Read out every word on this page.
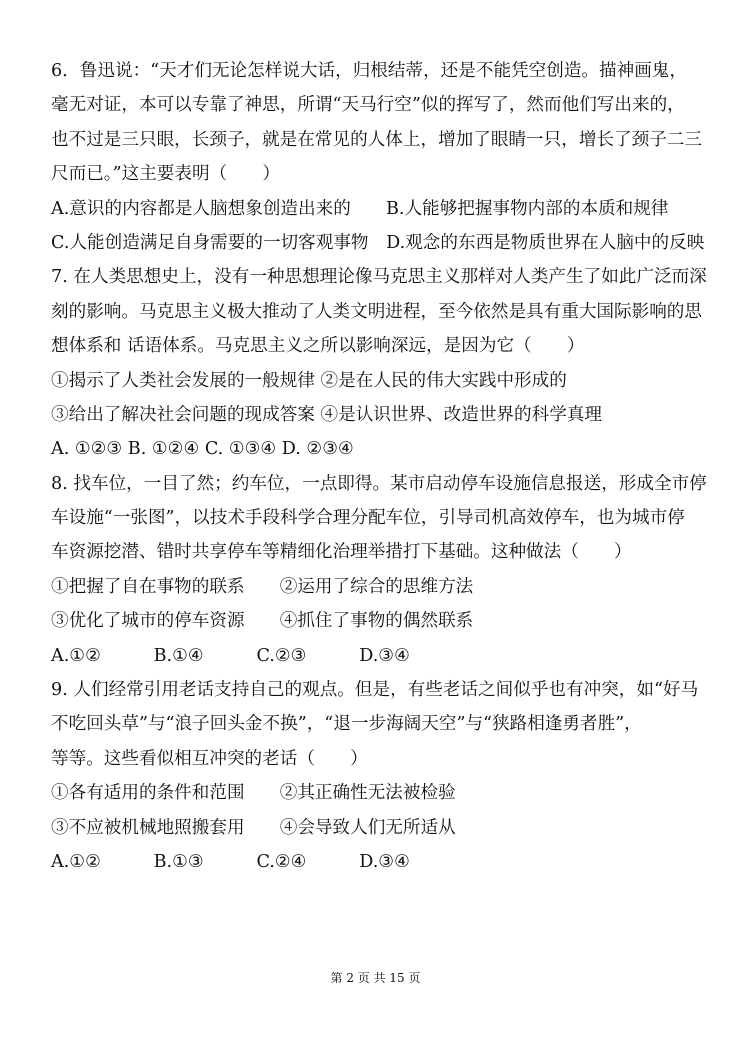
6．鲁迅说：“天才们无论怎样说大话，归根结蒂，还是不能凭空创造。描神画鬼，
毫无对证，本可以专靠了神思，所谓“天马行空”似的挥写了，然而他们写出来的，
也不过是三只眼，长颈子，就是在常见的人体上，增加了眼睛一只，增长了颈子二三
尺而已。”这主要表明（　　）
A.意识的内容都是人脑想象创造出来的　　B.人能够把握事物内部的本质和规律
C.人能创造满足自身需要的一切客观事物　D.观念的东西是物质世界在人脑中的反映
7. 在人类思想史上，没有一种思想理论像马克思主义那样对人类产生了如此广泛而深
刻的影响。马克思主义极大推动了人类文明进程，至今依然是具有重大国际影响的思
想体系和 话语体系。马克思主义之所以影响深远，是因为它（　　）
①揭示了人类社会发展的一般规律 ②是在人民的伟大实践中形成的
③给出了解决社会问题的现成答案 ④是认识世界、改造世界的科学真理
A. ①②③ B. ①②④ C. ①③④ D. ②③④
8. 找车位，一目了然；约车位，一点即得。某市启动停车设施信息报送，形成全市停
车设施“一张图”，以技术手段科学合理分配车位，引导司机高效停车，也为城市停
车资源挖潜、错时共享停车等精细化治理举措打下基础。这种做法（　　）
①把握了自在事物的联系　　②运用了综合的思维方法
③优化了城市的停车资源　　④抓住了事物的偶然联系
A.①②　　　B.①④　　　C.②③　　　D.③④
9. 人们经常引用老话支持自己的观点。但是，有些老话之间似乎也有冲突，如“好马
不吃回头草”与“浪子回头金不换”，“退一步海阔天空”与“狭路相逢勇者胜”，
等等。这些看似相互冲突的老话（　　）
①各有适用的条件和范围　　②其正确性无法被检验
③不应被机械地照搬套用　　④会导致人们无所适从
A.①②　　　B.①③　　　C.②④　　　D.③④
第 2 页 共 15 页
